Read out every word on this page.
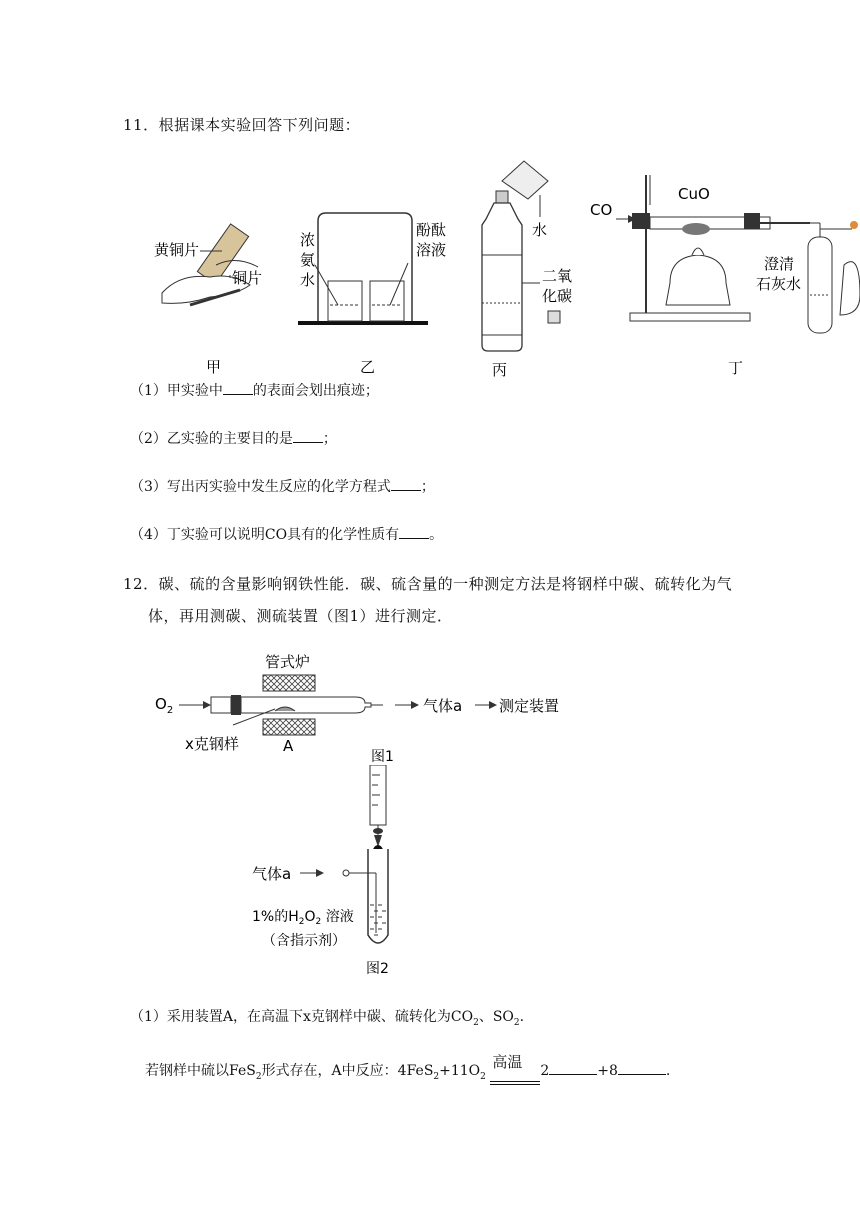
11．根据课本实验回答下列问题：
黄铜片
铜片
甲
浓
氨
水
酚酞
溶液
乙
水
二氧
化碳
丙
CO
CuO
澄清
石灰水
丁
（1）甲实验中 的表面会划出痕迹；
（2）乙实验的主要目的是 ；
（3）写出丙实验中发生反应的化学方程式 ；
（4）丁实验可以说明CO具有的化学性质有 。
12．碳、硫的含量影响钢铁性能．碳、硫含量的一种测定方法是将钢样中碳、硫转化为气
体，再用测碳、测硫装置（图1）进行测定．
管式炉
$O_2$	气体a 测定装置
x克钢样	A
图1
气体a
1%的$H_2O_2$ 溶液
（含指示剂）
图2
（1）采用装置A，在高温下x克钢样中碳、硫转化为$CO_2$、$SO_2$.
若钢样中硫以FeS$_2$形式存在，A中反应：$4FeS_2+11O_2$
高温 2	+8	.
